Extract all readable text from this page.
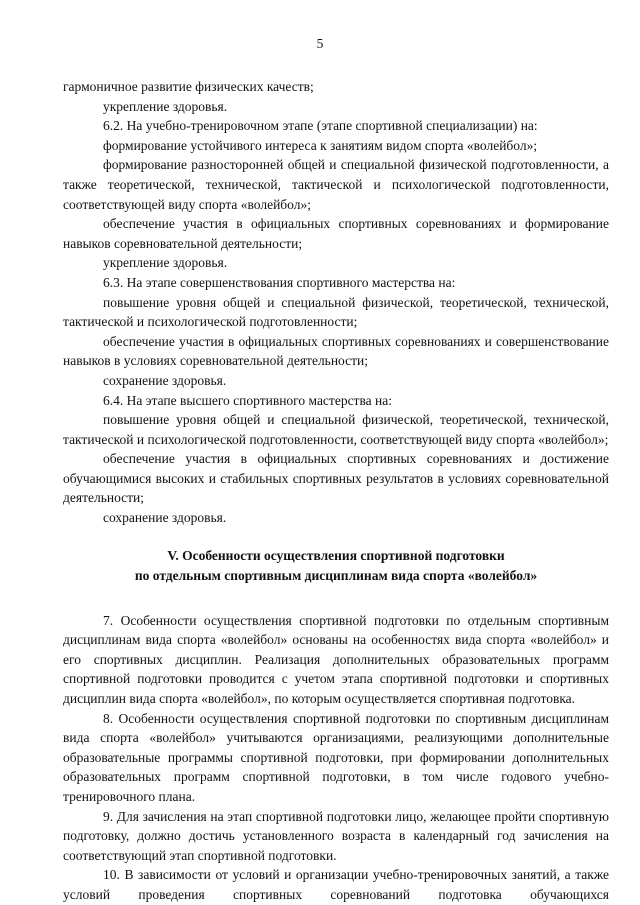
5

гармоничное развитие физических качеств;

укрепление здоровья.

6.2. На учебно-тренировочном этапе (этапе спортивной специализации) на:

формирование устойчивого интереса к занятиям видом спорта «волейбол»;

формирование разносторонней общей и специальной физической подготовленности, а также теоретической, технической, тактической и психологической подготовленности, соответствующей виду спорта «волейбол»;

обеспечение участия в официальных спортивных соревнованиях и формирование навыков соревновательной деятельности;

укрепление здоровья.

6.3. На этапе совершенствования спортивного мастерства на:

повышение уровня общей и специальной физической, теоретической, технической, тактической и психологической подготовленности;

обеспечение участия в официальных спортивных соревнованиях и совершенствование навыков в условиях соревновательной деятельности;

сохранение здоровья.

6.4. На этапе высшего спортивного мастерства на:

повышение уровня общей и специальной физической, теоретической, технической, тактической и психологической подготовленности, соответствующей виду спорта «волейбол»;

обеспечение участия в официальных спортивных соревнованиях и достижение обучающимися высоких и стабильных спортивных результатов в условиях соревновательной деятельности;

сохранение здоровья.

V. Особенности осуществления спортивной подготовки
по отдельным спортивным дисциплинам вида спорта «волейбол»

7. Особенности осуществления спортивной подготовки по отдельным спортивным дисциплинам вида спорта «волейбол» основаны на особенностях вида спорта «волейбол» и его спортивных дисциплин. Реализация дополнительных образовательных программ спортивной подготовки проводится с учетом этапа спортивной подготовки и спортивных дисциплин вида спорта «волейбол», по которым осуществляется спортивная подготовка.

8. Особенности осуществления спортивной подготовки по спортивным дисциплинам вида спорта «волейбол» учитываются организациями, реализующими дополнительные образовательные программы спортивной подготовки, при формировании дополнительных образовательных программ спортивной подготовки, в том числе годового учебно-тренировочного плана.

9. Для зачисления на этап спортивной подготовки лицо, желающее пройти спортивную подготовку, должно достичь установленного возраста в календарный год зачисления на соответствующий этап спортивной подготовки.

10. В зависимости от условий и организации учебно-тренировочных занятий, а также условий проведения спортивных соревнований подготовка обучающихся
